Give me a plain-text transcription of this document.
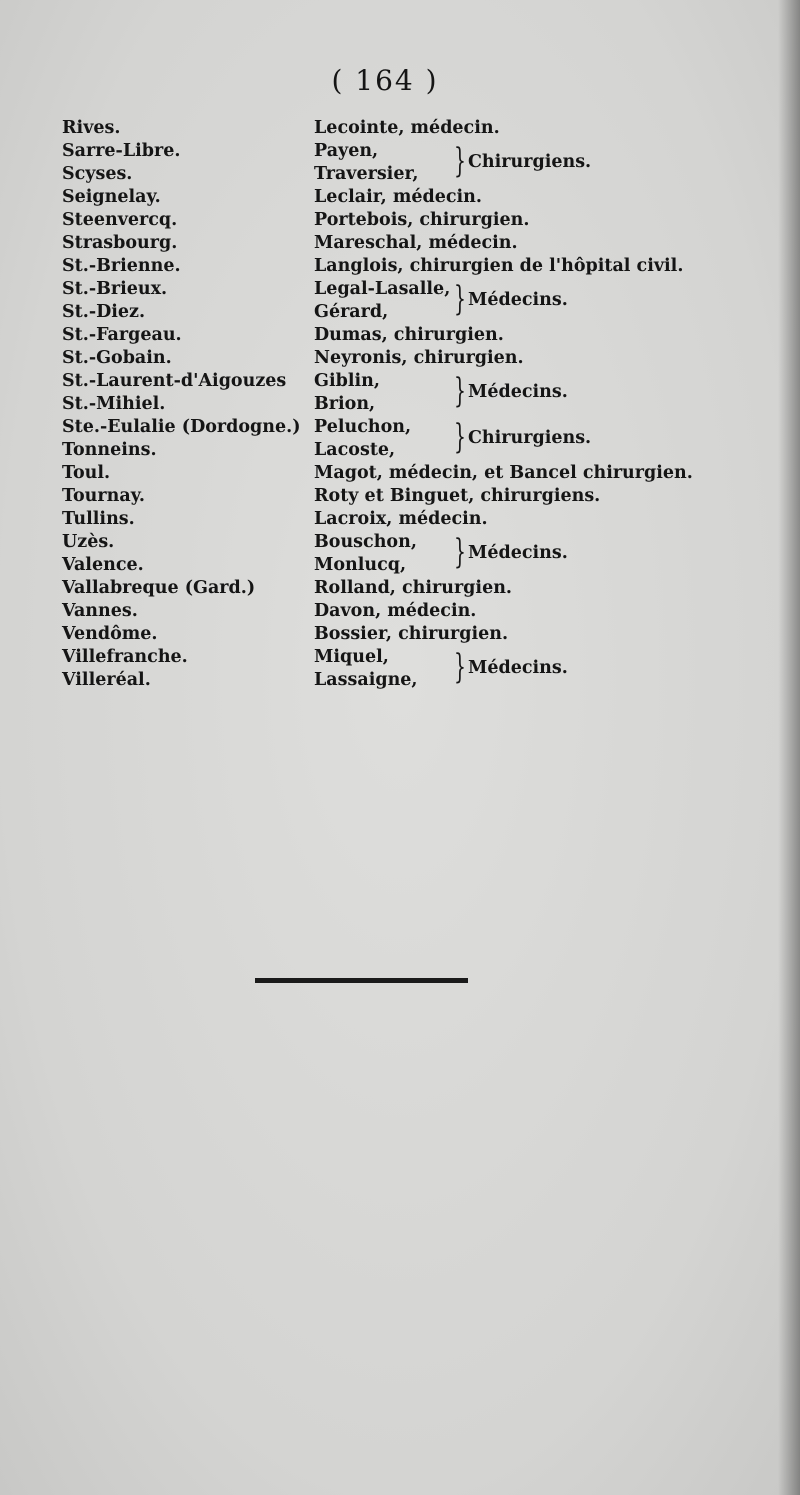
( 164 )
Rives.	Lecointe, médecin.
Sarre-Libre.	Payen, } Chirurgiens.
Scyses.	Traversier,
Seignelay.	Leclair, médecin.
Steenvercq.	Portebois, chirurgien.
Strasbourg.	Mareschal, médecin.
St.-Brienne.	Langlois, chirurgien de l'hôpital civil.
St.-Brieux.	Legal-Lasalle, } Médecins.
St.-Diez.	Gérard,
St.-Fargeau.	Dumas, chirurgien.
St.-Gobain.	Neyronis, chirurgien.
St.-Laurent-d'Aigouzes Giblin, } Médecins.
St.-Mihiel.	Brion,
Ste.-Eulalie (Dordogne.) Peluchon, } Chirurgiens.
Tonneins.	Lacoste,
Toul.	Magot, médecin, et Bancel chirurgien.
Tournay.	Roty et Binguet, chirurgiens.
Tullins.	Lacroix, médecin.
Uzès.	Bouschon, } Médecins.
Valence.	Monlucq,
Vallabreque (Gard.)	Rolland, chirurgien.
Vannes.	Davon, médecin.
Vendôme.	Bossier, chirurgien.
Villefranche.	Miquel, } Médecins.
Villeréal.	Lassaigne,
